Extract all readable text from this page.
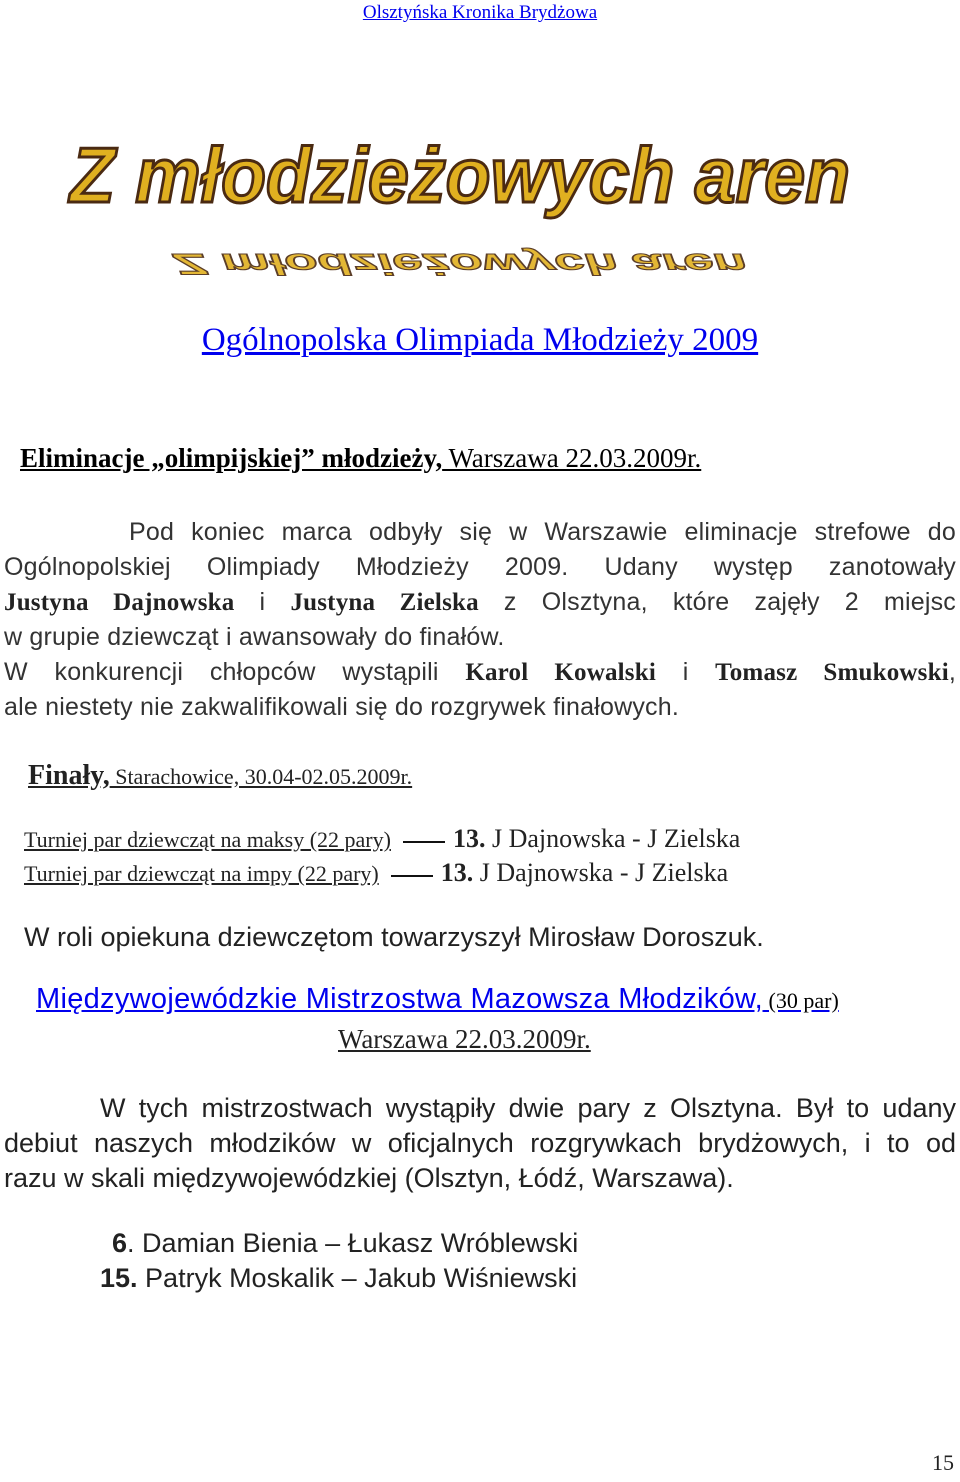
Olsztyńska Kronika Brydżowa
Z młodzieżowych aren
Z młodzieżowych aren
Ogólnopolska Olimpiada Młodzieży 2009
Eliminacje „olimpijskiej” młodzieży, Warszawa 22.03.2009r.
Pod koniec marca odbyły się w Warszawie eliminacje strefowe do
Ogólnopolskiej Olimpiady Młodzieży 2009. Udany występ zanotowały
Justyna Dajnowska i Justyna Zielska z Olsztyna, które zajęły 2 miejsc
w grupie dziewcząt i awansowały do finałów.
W konkurencji chłopców wystąpili Karol Kowalski i Tomasz Smukowski,
ale niestety nie zakwalifikowali się do rozgrywek finałowych.
Finały, Starachowice, 30.04-02.05.2009r.
Turniej par dziewcząt na maksy (22 pary) 13. J Dajnowska - J Zielska
Turniej par dziewcząt na impy (22 pary) 13. J Dajnowska - J Zielska
W roli opiekuna dziewczętom towarzyszył Mirosław Doroszuk.
Międzywojewódzkie Mistrzostwa Mazowsza Młodzików, (30 par)
Warszawa 22.03.2009r.
W tych mistrzostwach wystąpiły dwie pary z Olsztyna. Był to udany
debiut naszych młodzików w oficjalnych rozgrywkach brydżowych, i to od
razu w skali międzywojewódzkiej (Olsztyn, Łódź, Warszawa).
6. Damian Bienia – Łukasz Wróblewski
15. Patryk Moskalik – Jakub Wiśniewski
15
